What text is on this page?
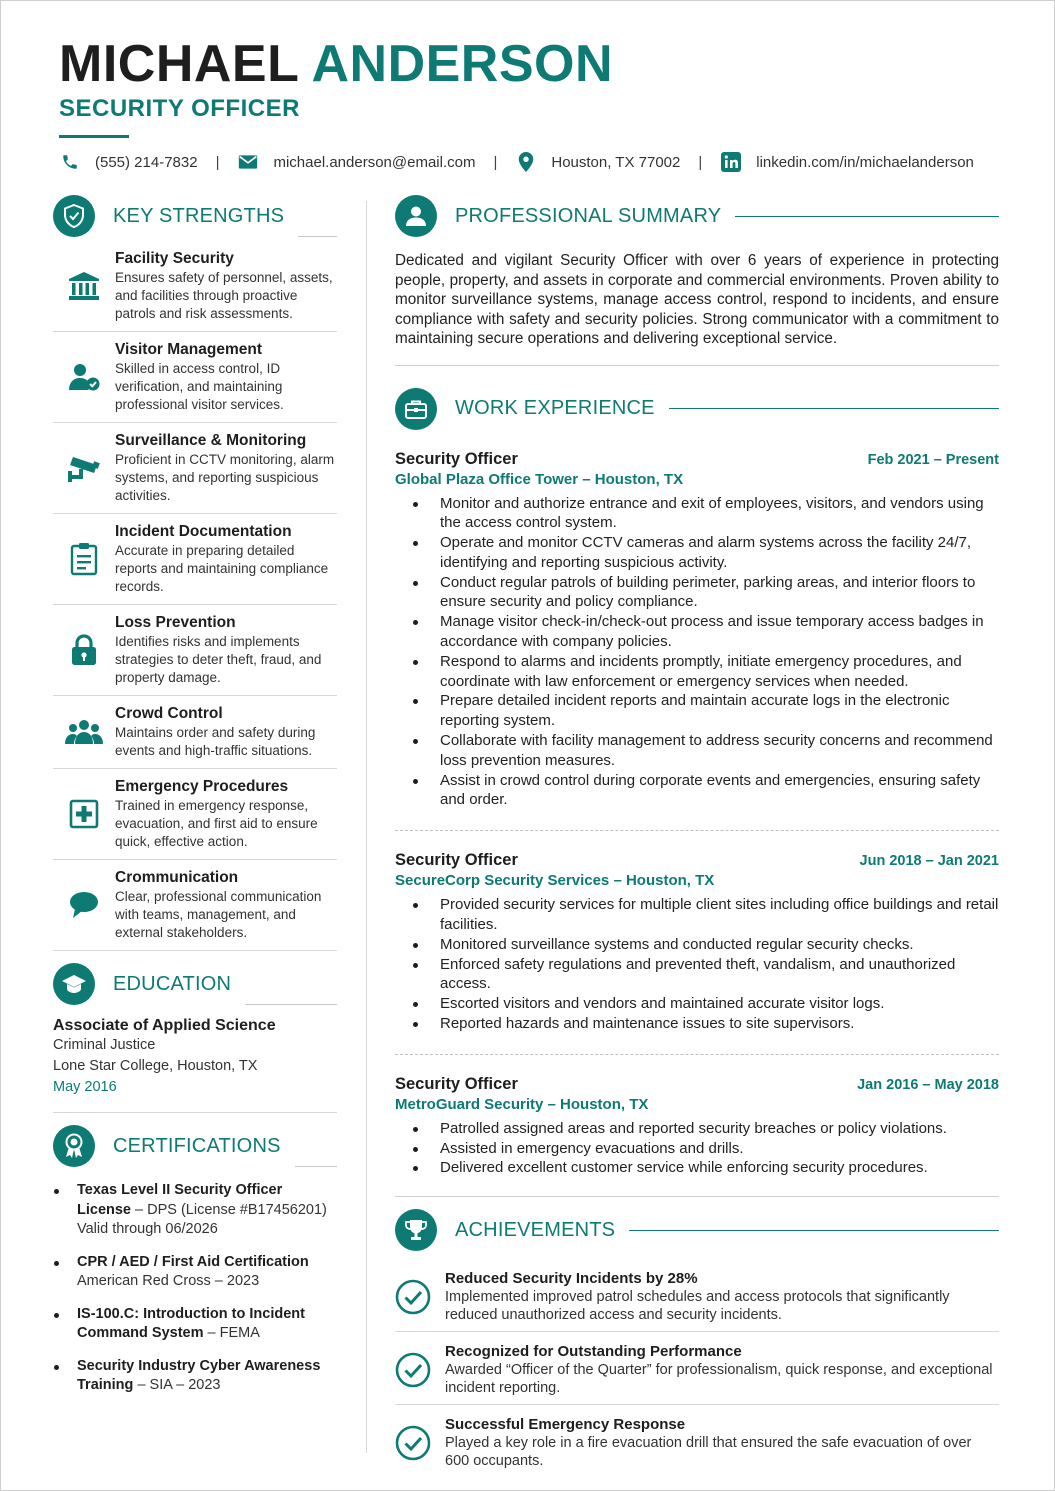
MICHAEL ANDERSON
SECURITY OFFICER
(555) 214-7832 |	michael.anderson@email.com |	Houston, TX 77002 |	linkedin.com/in/michaelanderson
KEY STRENGTHS
Facility Security
Ensures safety of personnel, assets, and facilities through proactive patrols and risk assessments.
Visitor Management
Skilled in access control, ID verification, and maintaining professional visitor services.
Surveillance & Monitoring
Proficient in CCTV monitoring, alarm systems, and reporting suspicious activities.
Incident Documentation
Accurate in preparing detailed reports and maintaining compliance records.
Loss Prevention
Identifies risks and implements strategies to deter theft, fraud, and property damage.
Crowd Control
Maintains order and safety during events and high-traffic situations.
Emergency Procedures
Trained in emergency response, evacuation, and first aid to ensure quick, effective action.
Crommunication
Clear, professional communication with teams, management, and external stakeholders.
EDUCATION
Associate of Applied Science
Criminal Justice
Lone Star College, Houston, TX
May 2016
CERTIFICATIONS
Texas Level II Security Officer License – DPS (License #B17456201) Valid through 06/2026
CPR / AED / First Aid Certification
American Red Cross – 2023
IS-100.C: Introduction to Incident Command System – FEMA
Security Industry Cyber Awareness Training – SIA – 2023
PROFESSIONAL SUMMARY

Dedicated and vigilant Security Officer with over 6 years of experience in protecting people, property, and assets in corporate and commercial environments. Proven ability to monitor surveillance systems, manage access control, respond to incidents, and ensure compliance with safety and security policies. Strong communicator with a commitment to maintaining secure operations and delivering exceptional service.

WORK EXPERIENCE
Security Officer	Feb 2021 – Present
Global Plaza Office Tower – Houston, TX
Monitor and authorize entrance and exit of employees, visitors, and vendors using the access control system.
Operate and monitor CCTV cameras and alarm systems across the facility 24/7, identifying and reporting suspicious activity.
Conduct regular patrols of building perimeter, parking areas, and interior floors to ensure security and policy compliance.
Manage visitor check-in/check-out process and issue temporary access badges in accordance with company policies.
Respond to alarms and incidents promptly, initiate emergency procedures, and coordinate with law enforcement or emergency services when needed.
Prepare detailed incident reports and maintain accurate logs in the electronic reporting system.
Collaborate with facility management to address security concerns and recommend loss prevention measures.
Assist in crowd control during corporate events and emergencies, ensuring safety and order.
Security Officer	Jun 2018 – Jan 2021
SecureCorp Security Services – Houston, TX
Provided security services for multiple client sites including office buildings and retail facilities.
Monitored surveillance systems and conducted regular security checks.
Enforced safety regulations and prevented theft, vandalism, and unauthorized access.
Escorted visitors and vendors and maintained accurate visitor logs.
Reported hazards and maintenance issues to site supervisors.
Security Officer	Jan 2016 – May 2018
MetroGuard Security – Houston, TX
Patrolled assigned areas and reported security breaches or policy violations.
Assisted in emergency evacuations and drills.
Delivered excellent customer service while enforcing security procedures.
ACHIEVEMENTS
Reduced Security Incidents by 28%
Implemented improved patrol schedules and access protocols that significantly reduced unauthorized access and security incidents.
Recognized for Outstanding Performance
Awarded “Officer of the Quarter” for professionalism, quick response, and exceptional incident reporting.
Successful Emergency Response
Played a key role in a fire evacuation drill that ensured the safe evacuation of over 600 occupants.
